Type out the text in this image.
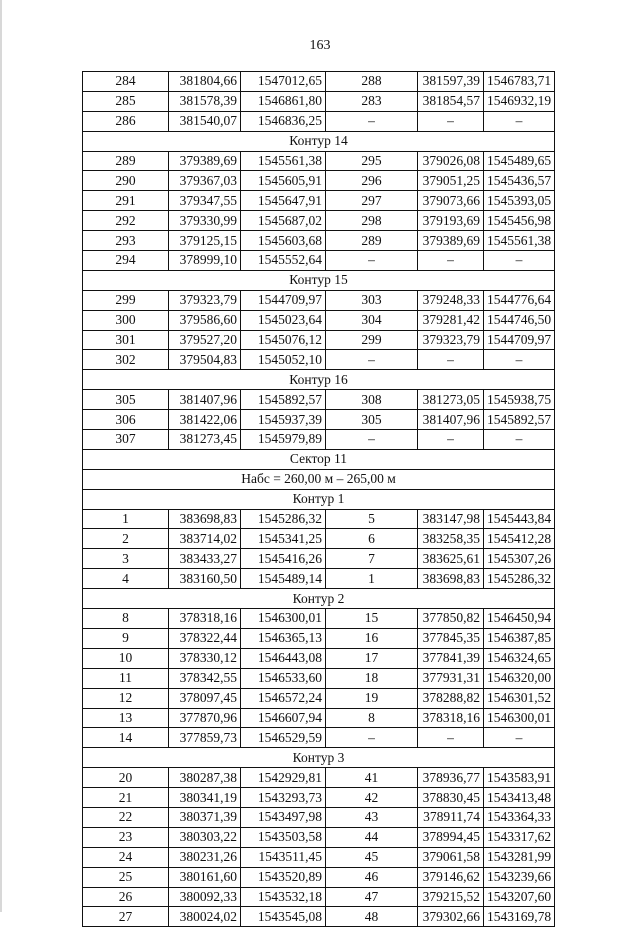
163
284	381804,66	1547012,65	288	381597,39	1546783,71
285	381578,39	1546861,80	283	381854,57	1546932,19
286	381540,07	1546836,25	–	–	–
Контур 14					
289	379389,69	1545561,38	295	379026,08	1545489,65
290	379367,03	1545605,91	296	379051,25	1545436,57
291	379347,55	1545647,91	297	379073,66	1545393,05
292	379330,99	1545687,02	298	379193,69	1545456,98
293	379125,15	1545603,68	289	379389,69	1545561,38
294	378999,10	1545552,64	–	–	–
Контур 15					
299	379323,79	1544709,97	303	379248,33	1544776,64
300	379586,60	1545023,64	304	379281,42	1544746,50
301	379527,20	1545076,12	299	379323,79	1544709,97
302	379504,83	1545052,10	–	–	–
Контур 16					
305	381407,96	1545892,57	308	381273,05	1545938,75
306	381422,06	1545937,39	305	381407,96	1545892,57
307	381273,45	1545979,89	–	–	–
Сектор 11					
Набс = 260,00 м – 265,00 м					
Контур 1					
1	383698,83	1545286,32	5	383147,98	1545443,84
2	383714,02	1545341,25	6	383258,35	1545412,28
3	383433,27	1545416,26	7	383625,61	1545307,26
4	383160,50	1545489,14	1	383698,83	1545286,32
Контур 2					
8	378318,16	1546300,01	15	377850,82	1546450,94
9	378322,44	1546365,13	16	377845,35	1546387,85
10	378330,12	1546443,08	17	377841,39	1546324,65
11	378342,55	1546533,60	18	377931,31	1546320,00
12	378097,45	1546572,24	19	378288,82	1546301,52
13	377870,96	1546607,94	8	378318,16	1546300,01
14	377859,73	1546529,59	–	–	–
Контур 3					
20	380287,38	1542929,81	41	378936,77	1543583,91
21	380341,19	1543293,73	42	378830,45	1543413,48
22	380371,39	1543497,98	43	378911,74	1543364,33
23	380303,22	1543503,58	44	378994,45	1543317,62
24	380231,26	1543511,45	45	379061,58	1543281,99
25	380161,60	1543520,89	46	379146,62	1543239,66
26	380092,33	1543532,18	47	379215,52	1543207,60
27	380024,02	1543545,08	48	379302,66	1543169,78
